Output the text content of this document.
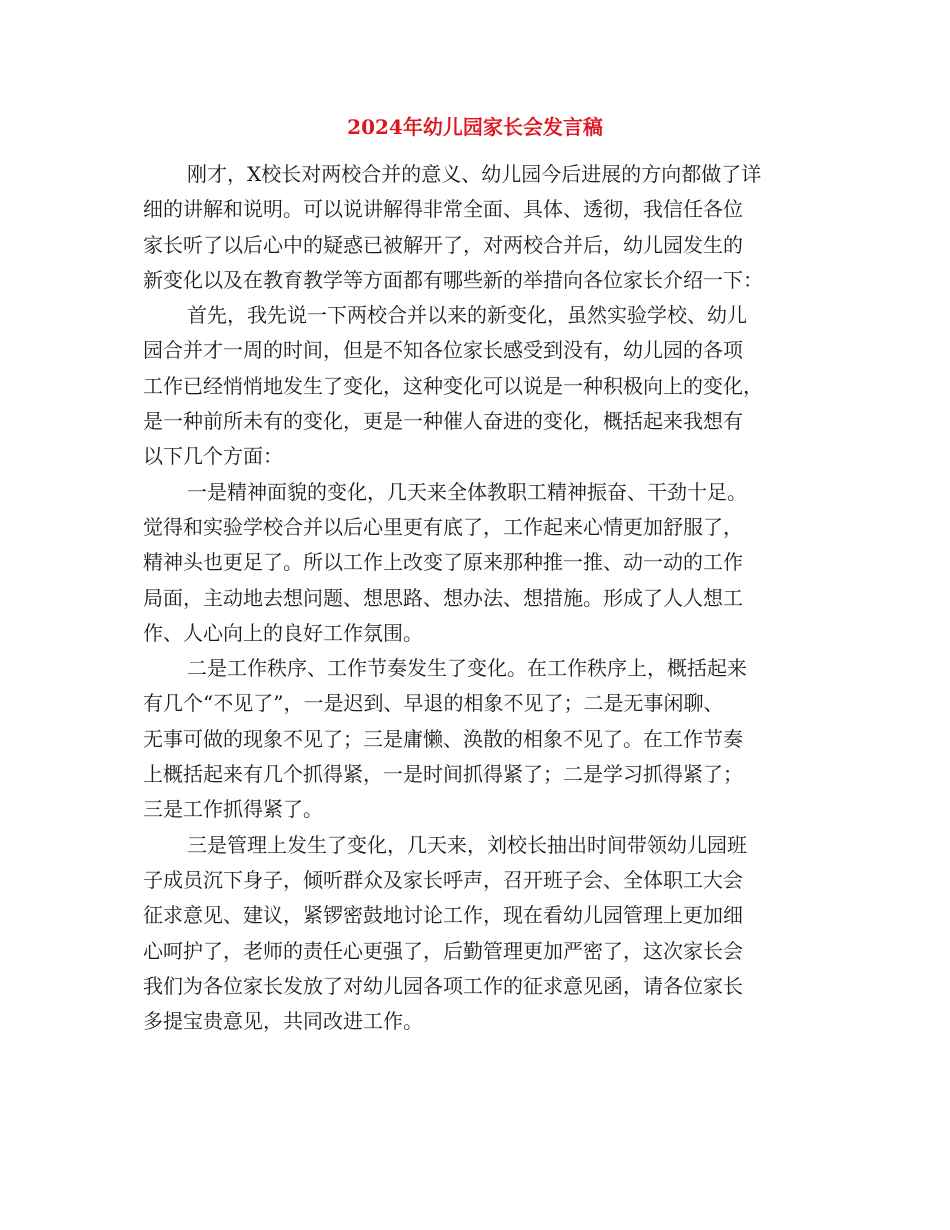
2024年幼儿园家长会发言稿

刚才，X校长对两校合并的意义、幼儿园今后进展的方向都做了详
细的讲解和说明。可以说讲解得非常全面、具体、透彻，我信任各位
家长听了以后心中的疑惑已被解开了，对两校合并后，幼儿园发生的
新变化以及在教育教学等方面都有哪些新的举措向各位家长介绍一下：

首先，我先说一下两校合并以来的新变化，虽然实验学校、幼儿
园合并才一周的时间，但是不知各位家长感受到没有，幼儿园的各项
工作已经悄悄地发生了变化，这种变化可以说是一种积极向上的变化，
是一种前所未有的变化，更是一种催人奋进的变化，概括起来我想有
以下几个方面：

一是精神面貌的变化，几天来全体教职工精神振奋、干劲十足。
觉得和实验学校合并以后心里更有底了，工作起来心情更加舒服了，
精神头也更足了。所以工作上改变了原来那种推一推、动一动的工作
局面，主动地去想问题、想思路、想办法、想措施。形成了人人想工
作、人心向上的良好工作氛围。

二是工作秩序、工作节奏发生了变化。在工作秩序上，概括起来
有几个“不见了”，一是迟到、早退的相象不见了；二是无事闲聊、
无事可做的现象不见了；三是庸懒、涣散的相象不见了。在工作节奏
上概括起来有几个抓得紧，一是时间抓得紧了；二是学习抓得紧了；
三是工作抓得紧了。

三是管理上发生了变化，几天来，刘校长抽出时间带领幼儿园班
子成员沉下身子，倾听群众及家长呼声，召开班子会、全体职工大会
征求意见、建议，紧锣密鼓地讨论工作，现在看幼儿园管理上更加细
心呵护了，老师的责任心更强了，后勤管理更加严密了，这次家长会
我们为各位家长发放了对幼儿园各项工作的征求意见函，请各位家长
多提宝贵意见，共同改进工作。
